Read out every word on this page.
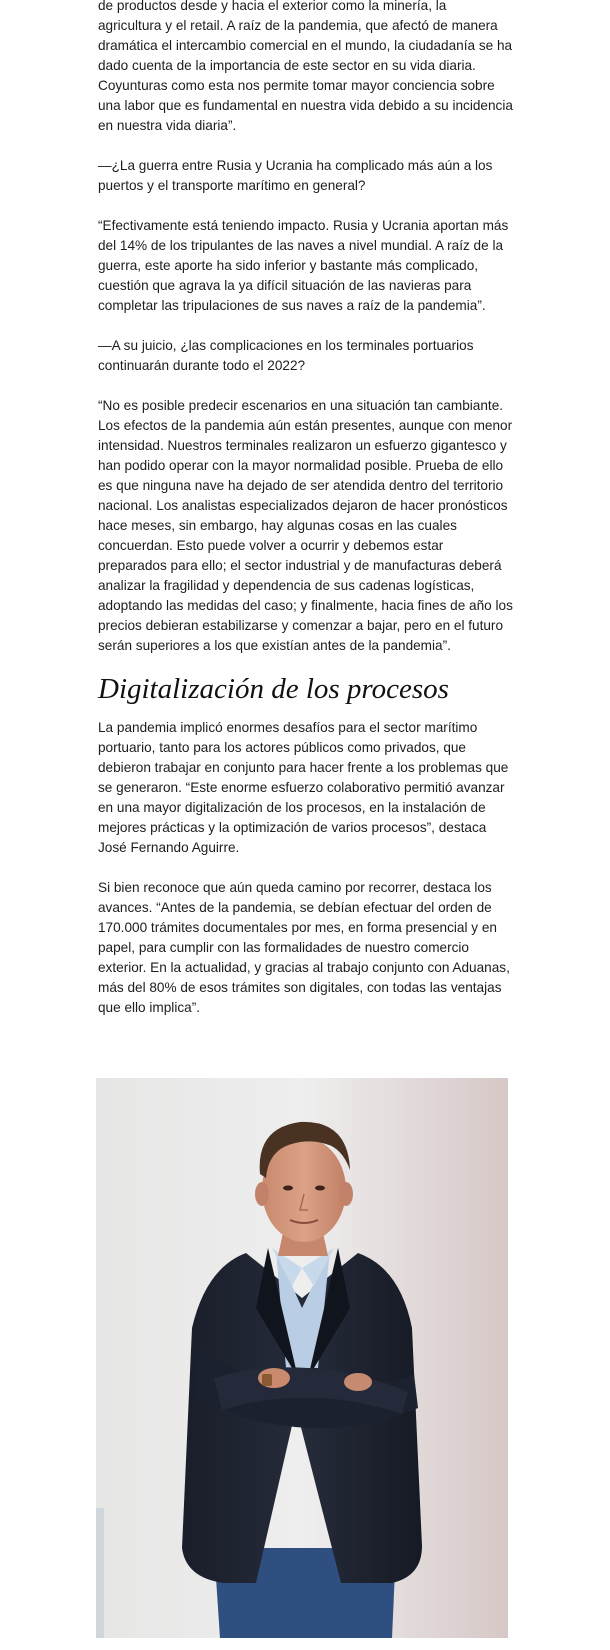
de productos desde y hacia el exterior como la minería, la agricultura y el retail. A raíz de la pandemia, que afectó de manera dramática el intercambio comercial en el mundo, la ciudadanía se ha dado cuenta de la importancia de este sector en su vida diaria. Coyunturas como esta nos permite tomar mayor conciencia sobre una labor que es fundamental en nuestra vida debido a su incidencia en nuestra vida diaria”.

—¿La guerra entre Rusia y Ucrania ha complicado más aún a los puertos y el transporte marítimo en general?

“Efectivamente está teniendo impacto. Rusia y Ucrania aportan más del 14% de los tripulantes de las naves a nivel mundial. A raíz de la guerra, este aporte ha sido inferior y bastante más complicado, cuestión que agrava la ya difícil situación de las navieras para completar las tripulaciones de sus naves a raíz de la pandemia”.

—A su juicio, ¿las complicaciones en los terminales portuarios continuarán durante todo el 2022?

“No es posible predecir escenarios en una situación tan cambiante. Los efectos de la pandemia aún están presentes, aunque con menor intensidad. Nuestros terminales realizaron un esfuerzo gigantesco y han podido operar con la mayor normalidad posible. Prueba de ello es que ninguna nave ha dejado de ser atendida dentro del territorio nacional. Los analistas especializados dejaron de hacer pronósticos hace meses, sin embargo, hay algunas cosas en las cuales concuerdan. Esto puede volver a ocurrir y debemos estar preparados para ello; el sector industrial y de manufacturas deberá analizar la fragilidad y dependencia de sus cadenas logísticas, adoptando las medidas del caso; y finalmente, hacia fines de año los precios debieran estabilizarse y comenzar a bajar, pero en el futuro serán superiores a los que existían antes de la pandemia”.

Digitalización de los procesos

La pandemia implicó enormes desafíos para el sector marítimo portuario, tanto para los actores públicos como privados, que debieron trabajar en conjunto para hacer frente a los problemas que se generaron. “Este enorme esfuerzo colaborativo permitió avanzar en una mayor digitalización de los procesos, en la instalación de mejores prácticas y la optimización de varios procesos”, destaca José Fernando Aguirre.

Si bien reconoce que aún queda camino por recorrer, destaca los avances. “Antes de la pandemia, se debían efectuar del orden de 170.000 trámites documentales por mes, en forma presencial y en papel, para cumplir con las formalidades de nuestro comercio exterior. En la actualidad, y gracias al trabajo conjunto con Aduanas, más del 80% de esos trámites son digitales, con todas las ventajas que ello implica”.
